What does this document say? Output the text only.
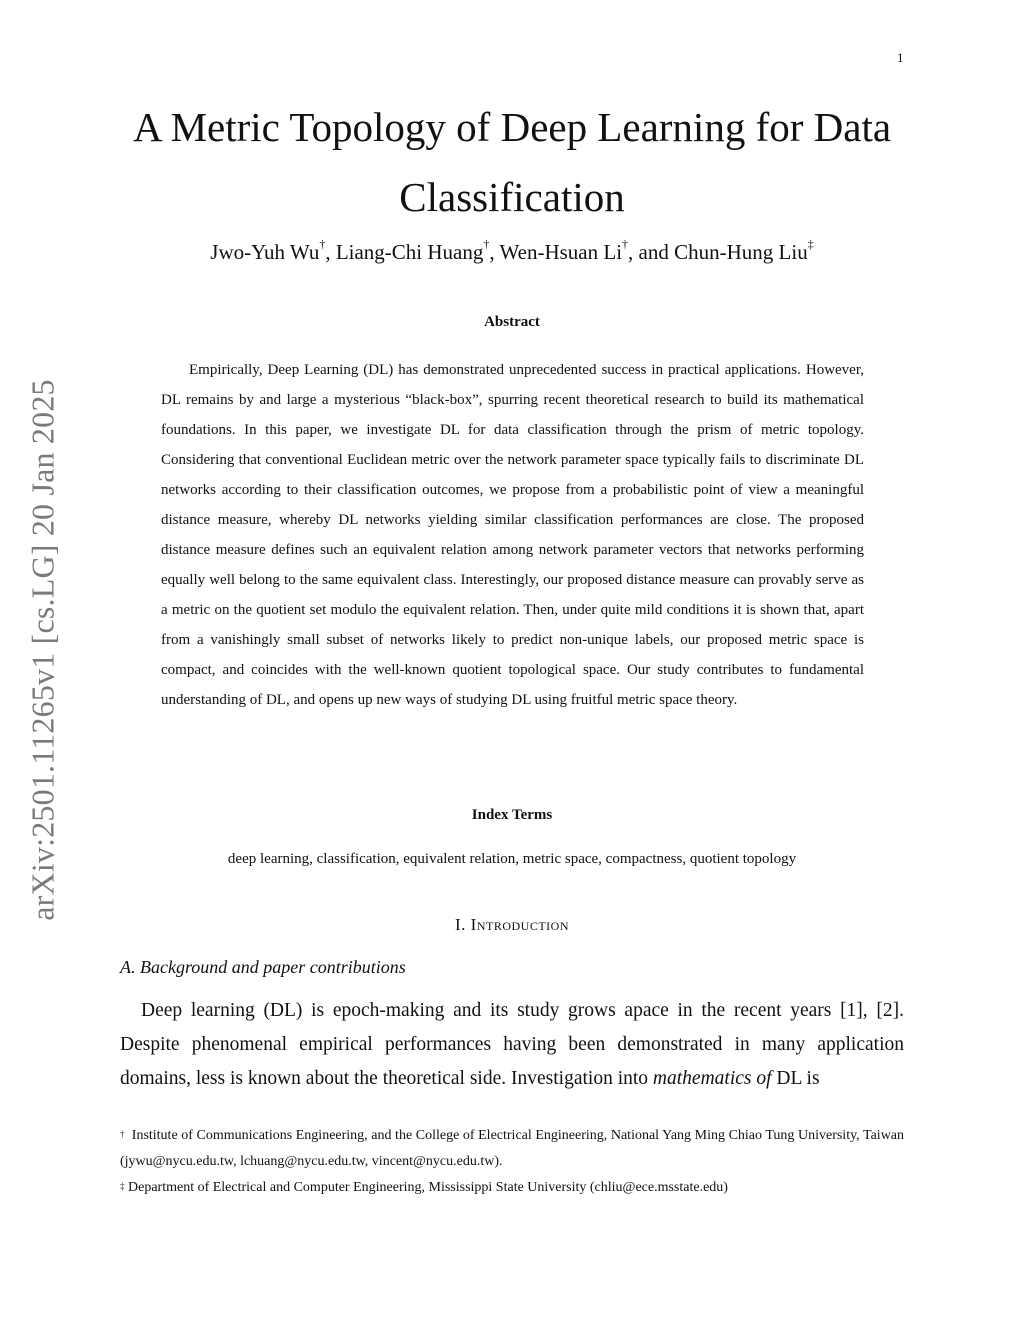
1
arXiv:2501.11265v1 [cs.LG] 20 Jan 2025
A Metric Topology of Deep Learning for Data Classification
Jwo-Yuh Wu†, Liang-Chi Huang†, Wen-Hsuan Li†, and Chun-Hung Liu‡
Abstract

Empirically, Deep Learning (DL) has demonstrated unprecedented success in practical applications. However, DL remains by and large a mysterious “black-box”, spurring recent theoretical research to build its mathematical foundations. In this paper, we investigate DL for data classification through the prism of metric topology. Considering that conventional Euclidean metric over the network parameter space typically fails to discriminate DL networks according to their classification outcomes, we propose from a probabilistic point of view a meaningful distance measure, whereby DL networks yielding similar classification performances are close. The proposed distance measure defines such an equivalent relation among network parameter vectors that networks performing equally well belong to the same equivalent class. Interestingly, our proposed distance measure can provably serve as a metric on the quotient set modulo the equivalent relation. Then, under quite mild conditions it is shown that, apart from a vanishingly small subset of networks likely to predict non-unique labels, our proposed metric space is compact, and coincides with the well-known quotient topological space. Our study contributes to fundamental understanding of DL, and opens up new ways of studying DL using fruitful metric space theory.

Index Terms
deep learning, classification, equivalent relation, metric space, compactness, quotient topology
I. Introduction
A. Background and paper contributions

Deep learning (DL) is epoch-making and its study grows apace in the recent years [1], [2]. Despite phenomenal empirical performances having been demonstrated in many application domains, less is known about the theoretical side. Investigation into mathematics of DL is

† Institute of Communications Engineering, and the College of Electrical Engineering, National Yang Ming Chiao Tung University, Taiwan (jywu@nycu.edu.tw, lchuang@nycu.edu.tw, vincent@nycu.edu.tw).

‡ Department of Electrical and Computer Engineering, Mississippi State University (chliu@ece.msstate.edu)
